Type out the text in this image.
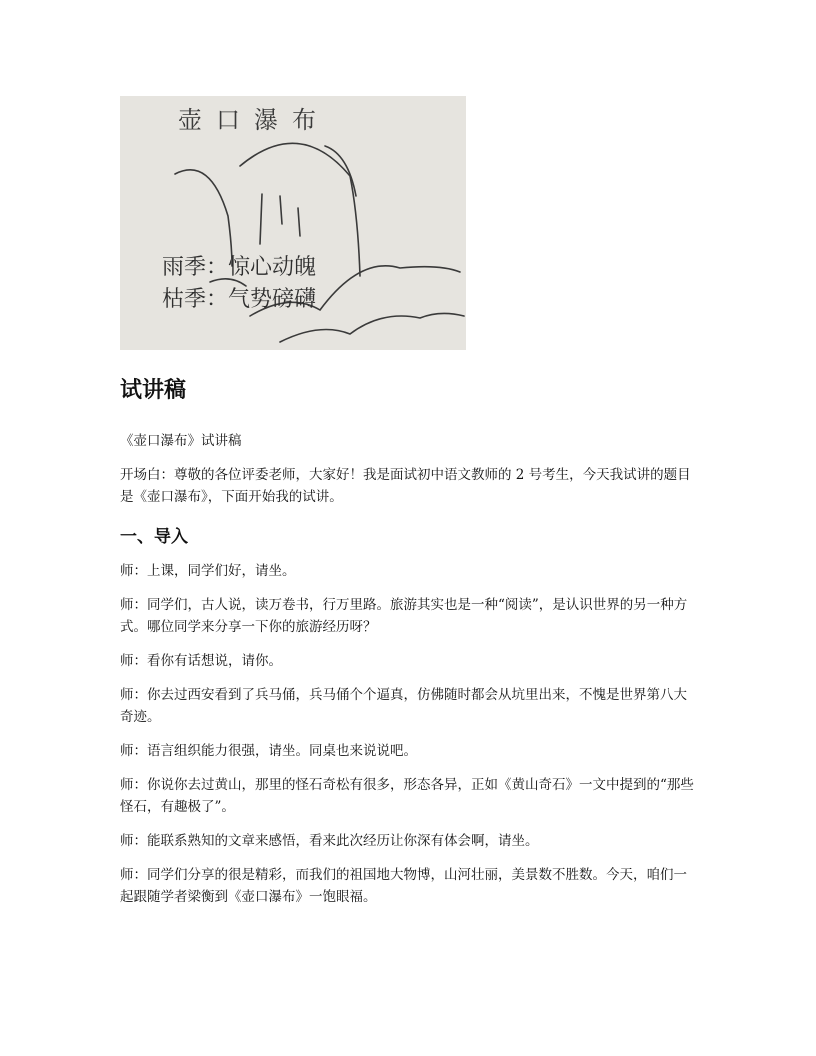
壶口瀑布
雨季：惊心动魄
枯季：气势磅礴
试讲稿

《壶口瀑布》试讲稿

开场白：尊敬的各位评委老师，大家好！我是面试初中语文教师的 2 号考生，今天我试讲的题目是《壶口瀑布》，下面开始我的试讲。

一、导入

师：上课，同学们好，请坐。

师：同学们，古人说，读万卷书，行万里路。旅游其实也是一种“阅读”，是认识世界的另一种方式。哪位同学来分享一下你的旅游经历呀？

师：看你有话想说，请你。

师：你去过西安看到了兵马俑，兵马俑个个逼真，仿佛随时都会从坑里出来，不愧是世界第八大奇迹。

师：语言组织能力很强，请坐。同桌也来说说吧。

师：你说你去过黄山，那里的怪石奇松有很多，形态各异，正如《黄山奇石》一文中提到的“那些怪石，有趣极了”。

师：能联系熟知的文章来感悟，看来此次经历让你深有体会啊，请坐。

师：同学们分享的很是精彩，而我们的祖国地大物博，山河壮丽，美景数不胜数。今天，咱们一起跟随学者梁衡到《壶口瀑布》一饱眼福。
